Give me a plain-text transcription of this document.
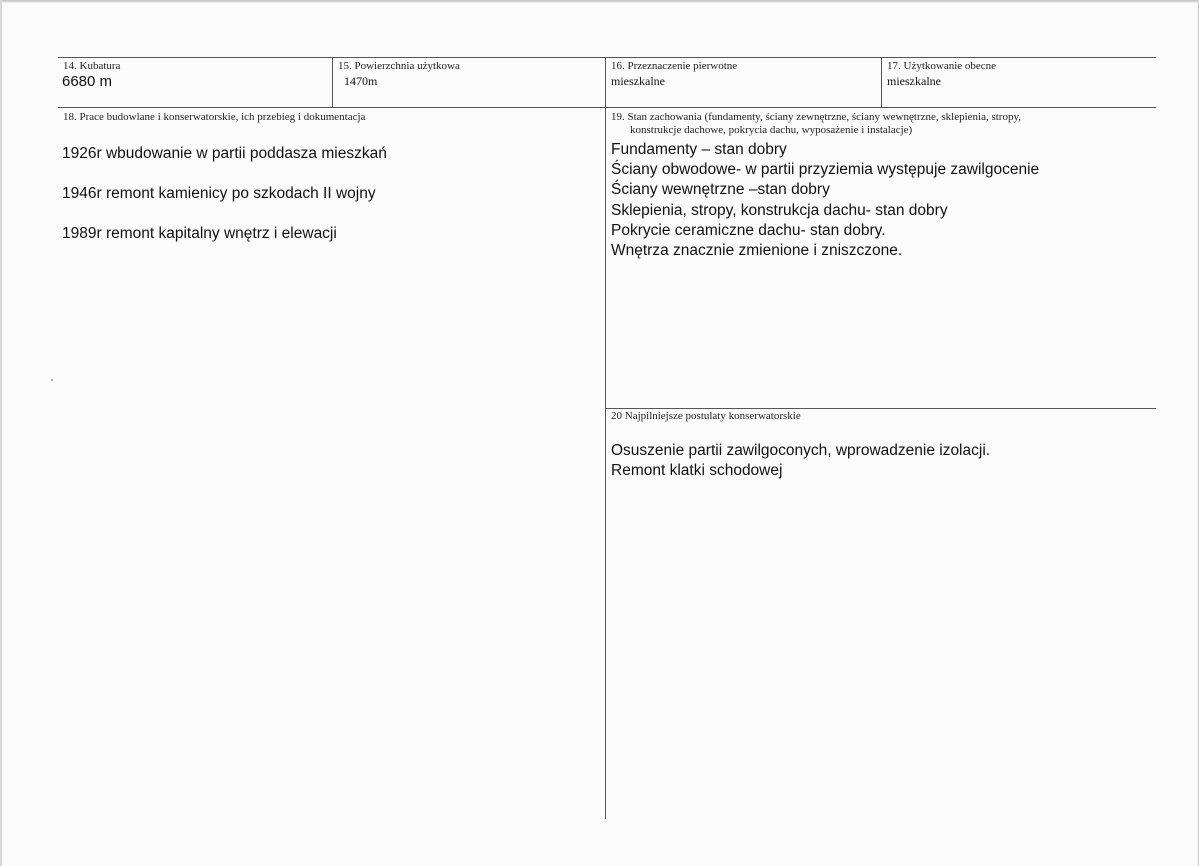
14. Kubatura
6680 m
15. Powierzchnia użytkowa
1470m
16. Przeznaczenie pierwotne
mieszkalne
17. Użytkowanie obecne
mieszkalne
18. Prace budowlane i konserwatorskie, ich przebieg i dokumentacja
1926r wbudowanie w partii poddasza mieszkań
1946r remont kamienicy po szkodach II wojny
1989r remont kapitalny wnętrz i elewacji
19. Stan zachowania (fundamenty, ściany zewnętrzne, ściany wewnętrzne, sklepienia, stropy,
konstrukcje dachowe, pokrycia dachu, wyposażenie i instalacje)
Fundamenty – stan dobry
Ściany obwodowe- w partii przyziemia występuje zawilgocenie
Ściany wewnętrzne –stan dobry
Sklepienia, stropy, konstrukcja dachu- stan dobry
Pokrycie ceramiczne dachu- stan dobry.
Wnętrza znacznie zmienione i zniszczone.
20 Najpilniejsze postulaty konserwatorskie
Osuszenie partii zawilgoconych, wprowadzenie izolacji.
Remont klatki schodowej
